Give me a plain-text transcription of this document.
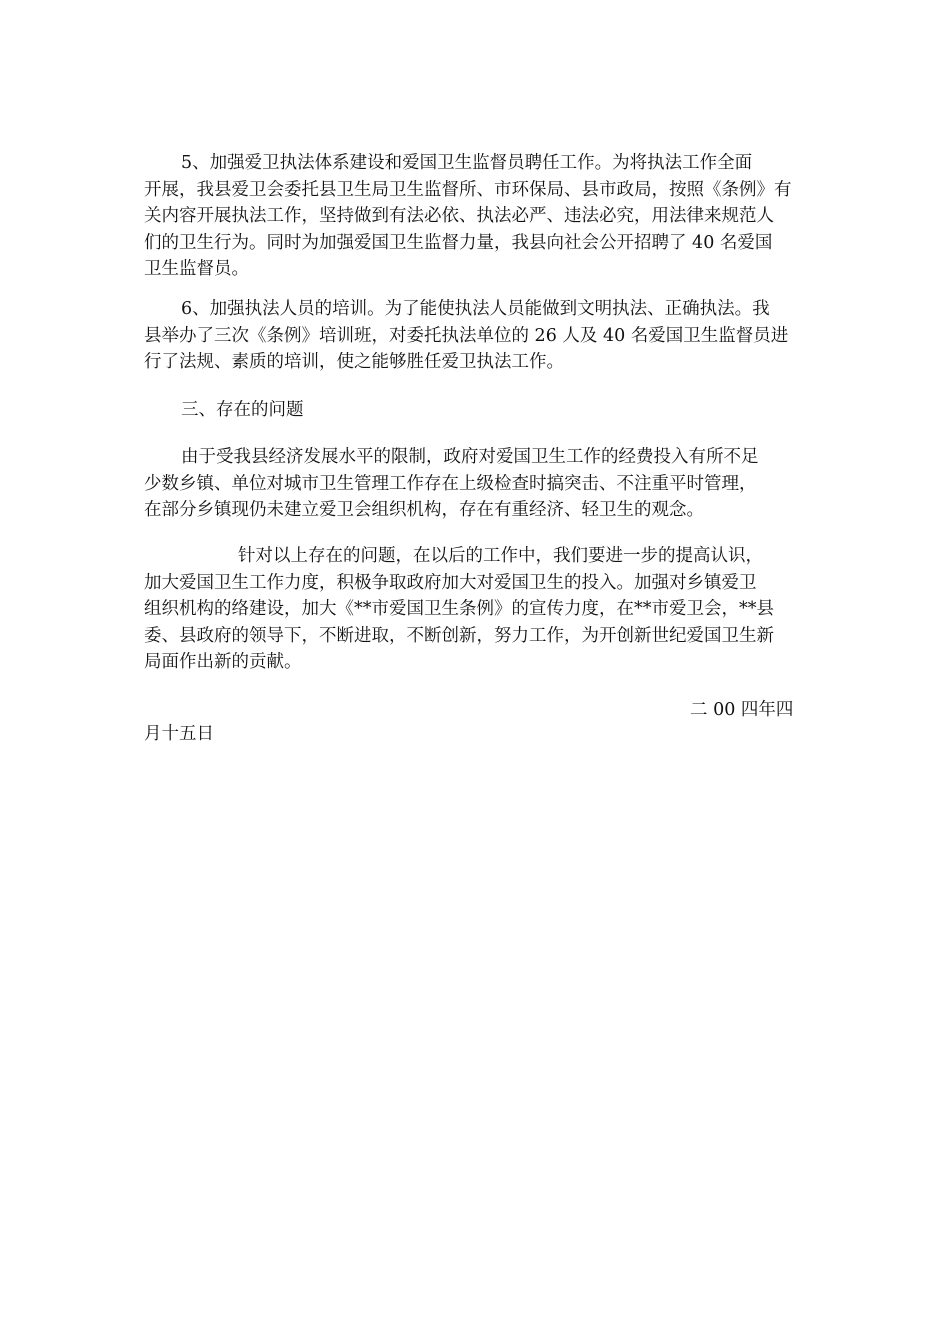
5、加强爱卫执法体系建设和爱国卫生监督员聘任工作。为将执法工作全面
开展，我县爱卫会委托县卫生局卫生监督所、市环保局、县市政局，按照《条例》有
关内容开展执法工作，坚持做到有法必依、执法必严、违法必究，用法律来规范人
们的卫生行为。同时为加强爱国卫生监督力量，我县向社会公开招聘了 40 名爱国
卫生监督员。

6、加强执法人员的培训。为了能使执法人员能做到文明执法、正确执法。我
县举办了三次《条例》培训班，对委托执法单位的 26 人及 40 名爱国卫生监督员进
行了法规、素质的培训，使之能够胜任爱卫执法工作。

三、存在的问题

由于受我县经济发展水平的限制，政府对爱国卫生工作的经费投入有所不足
少数乡镇、单位对城市卫生管理工作存在上级检查时搞突击、不注重平时管理，
在部分乡镇现仍未建立爱卫会组织机构，存在有重经济、轻卫生的观念。

针对以上存在的问题，在以后的工作中，我们要进一步的提高认识，
加大爱国卫生工作力度，积极争取政府加大对爱国卫生的投入。加强对乡镇爱卫
组织机构的络建设，加大《**市爱国卫生条例》的宣传力度，在**市爱卫会，**县
委、县政府的领导下，不断进取，不断创新，努力工作，为开创新世纪爱国卫生新
局面作出新的贡献。

二 00 四年四

月十五日
